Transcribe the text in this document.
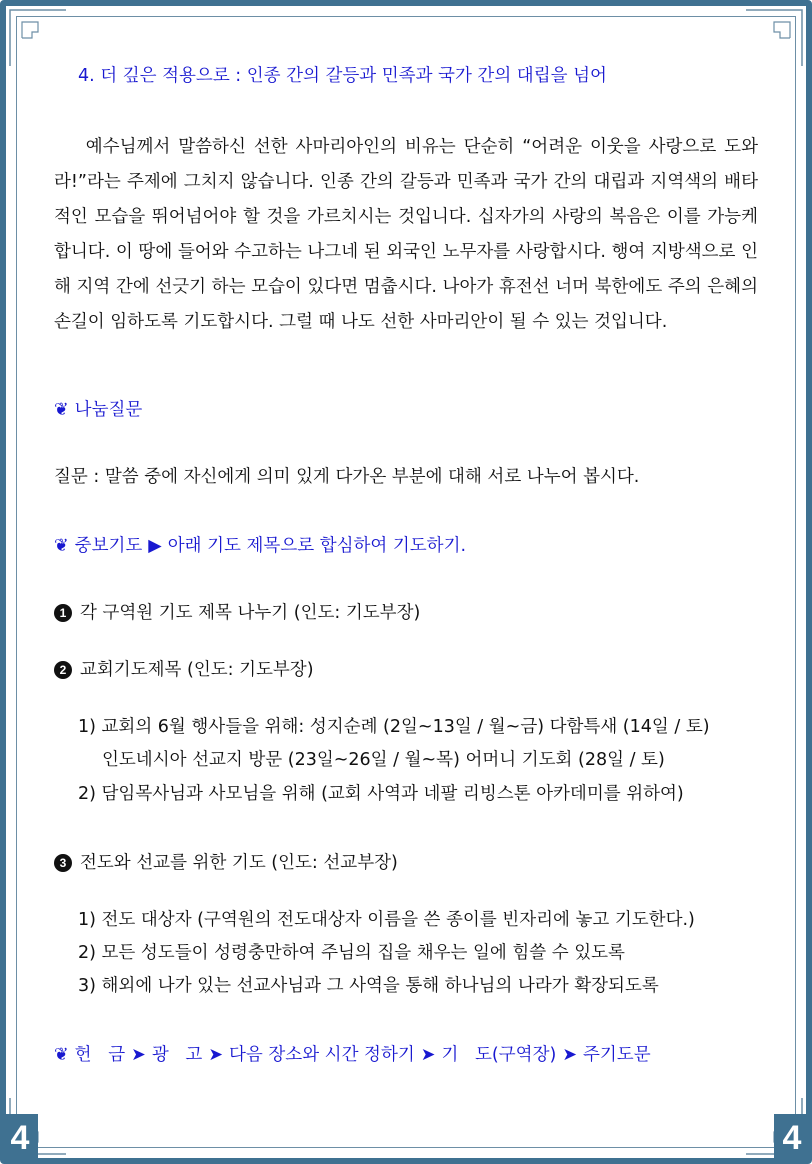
4	4
4. 더 깊은 적용으로 : 인종 간의 갈등과 민족과 국가 간의 대립을 넘어
예수님께서 말씀하신 선한 사마리아인의 비유는 단순히 “어려운 이웃을 사랑으로 도와라!”라는 주제에 그치지 않습니다. 인종 간의 갈등과 민족과 국가 간의 대립과 지역색의 배타적인 모습을 뛰어넘어야 할 것을 가르치시는 것입니다. 십자가의 사랑의 복음은 이를 가능케 합니다. 이 땅에 들어와 수고하는 나그네 된 외국인 노무자를 사랑합시다. 행여 지방색으로 인해 지역 간에 선긋기 하는 모습이 있다면 멈춥시다. 나아가 휴전선 너머 북한에도 주의 은혜의 손길이 임하도록 기도합시다. 그럴 때 나도 선한 사마리안이 될 수 있는 것입니다.
❦ 나눔질문
질문 : 말씀 중에 자신에게 의미 있게 다가온 부분에 대해 서로 나누어 봅시다.
❦ 중보기도 ▶ 아래 기도 제목으로 합심하여 기도하기.
1 각 구역원 기도 제목 나누기 (인도: 기도부장)
2 교회기도제목 (인도: 기도부장)
1) 교회의 6월 행사들을 위해: 성지순례 (2일~13일 / 월~금) 다함특새 (14일 / 토)
인도네시아 선교지 방문 (23일~26일 / 월~목) 어머니 기도회 (28일 / 토)
2) 담임목사님과 사모님을 위해 (교회 사역과 네팔 리빙스톤 아카데미를 위하여)
3 전도와 선교를 위한 기도 (인도: 선교부장)
1) 전도 대상자 (구역원의 전도대상자 이름을 쓴 종이를 빈자리에 놓고 기도한다.)
2) 모든 성도들이 성령충만하여 주님의 집을 채우는 일에 힘쓸 수 있도록
3) 해외에 나가 있는 선교사님과 그 사역을 통해 하나님의 나라가 확장되도록
❦ 헌   금 ➤ 광   고 ➤ 다음 장소와 시간 정하기 ➤ 기   도(구역장) ➤ 주기도문
